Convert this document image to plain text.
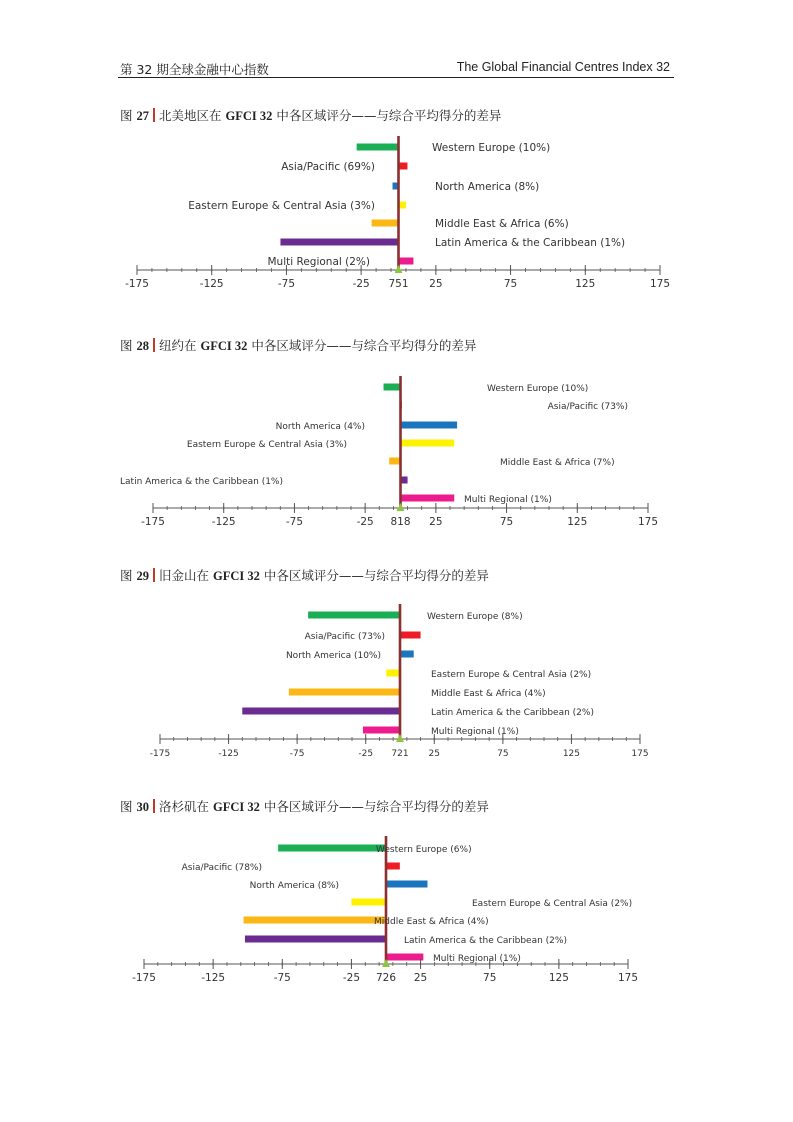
第 32 期全球金融中心指数	The Global Financial Centres Index 32
图 27 北美地区在 GFCI 32 中各区域评分——与综合平均得分的差异
Western Europe (10%)
Asia/Pacific (69%)
North America (8%)
Eastern Europe & Central Asia (3%)
Middle East & Africa (6%)
Latin America & the Caribbean (1%)
Multi Regional (2%)
-175	-125	-75	-25	25	75	125	175
751
图 28 纽约在 GFCI 32 中各区域评分——与综合平均得分的差异
Western Europe (10%)
Asia/Pacific (73%)
North America (4%)
Eastern Europe & Central Asia (3%)
Middle East & Africa (7%)
Latin America & the Caribbean (1%)
Multi Regional (1%)
-175	-125	-75	-25	25	75	125	175
818
图 29 旧金山在 GFCI 32 中各区域评分——与综合平均得分的差异
Western Europe (8%)
Asia/Pacific (73%)
North America (10%)
Eastern Europe & Central Asia (2%)
Middle East & Africa (4%)
Latin America & the Caribbean (2%)
Multi Regional (1%)
-175	-125	-75	-25	25	75	125	175
721
图 30 洛杉矶在 GFCI 32 中各区域评分——与综合平均得分的差异
Western Europe (6%)
Asia/Pacific (78%)
North America (8%)
Eastern Europe & Central Asia (2%)
Middle East & Africa (4%)
Latin America & the Caribbean (2%)
Multi Regional (1%)
-175	-125	-75	-25	25	75	125	175
726
